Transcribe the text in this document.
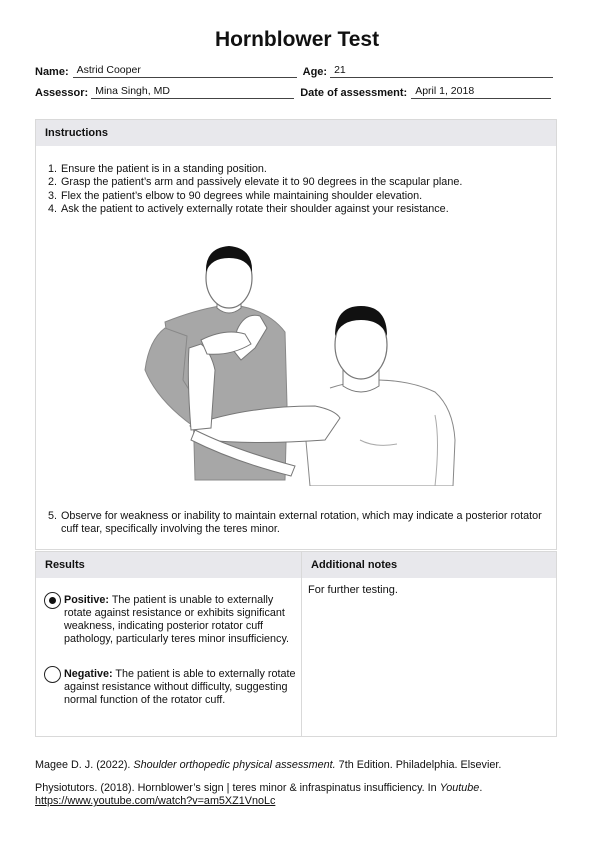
Hornblower Test
Name: Astrid Cooper	Age: 21
Assessor: Mina Singh, MD	Date of assessment: April 1, 2018
Instructions
1. Ensure the patient is in a standing position.
2. Grasp the patient’s arm and passively elevate it to 90 degrees in the scapular plane.
3. Flex the patient’s elbow to 90 degrees while maintaining shoulder elevation.
4. Ask the patient to actively externally rotate their shoulder against your resistance.
5. Observe for weakness or inability to maintain external rotation, which may indicate a posterior rotator cuff tear, specifically involving the teres minor.
Results
Positive: The patient is unable to externally rotate against resistance or exhibits significant weakness, indicating posterior rotator cuff pathology, particularly teres minor insufficiency.
Negative: The patient is able to externally rotate against resistance without difficulty, suggesting normal function of the rotator cuff.
Additional notes
For further testing.
Magee D. J. (2022). Shoulder orthopedic physical assessment. 7th Edition. Philadelphia. Elsevier.
Physiotutors. (2018). Hornblower’s sign | teres minor & infraspinatus insufficiency. In Youtube.
https://www.youtube.com/watch?v=am5XZ1VnoLc
